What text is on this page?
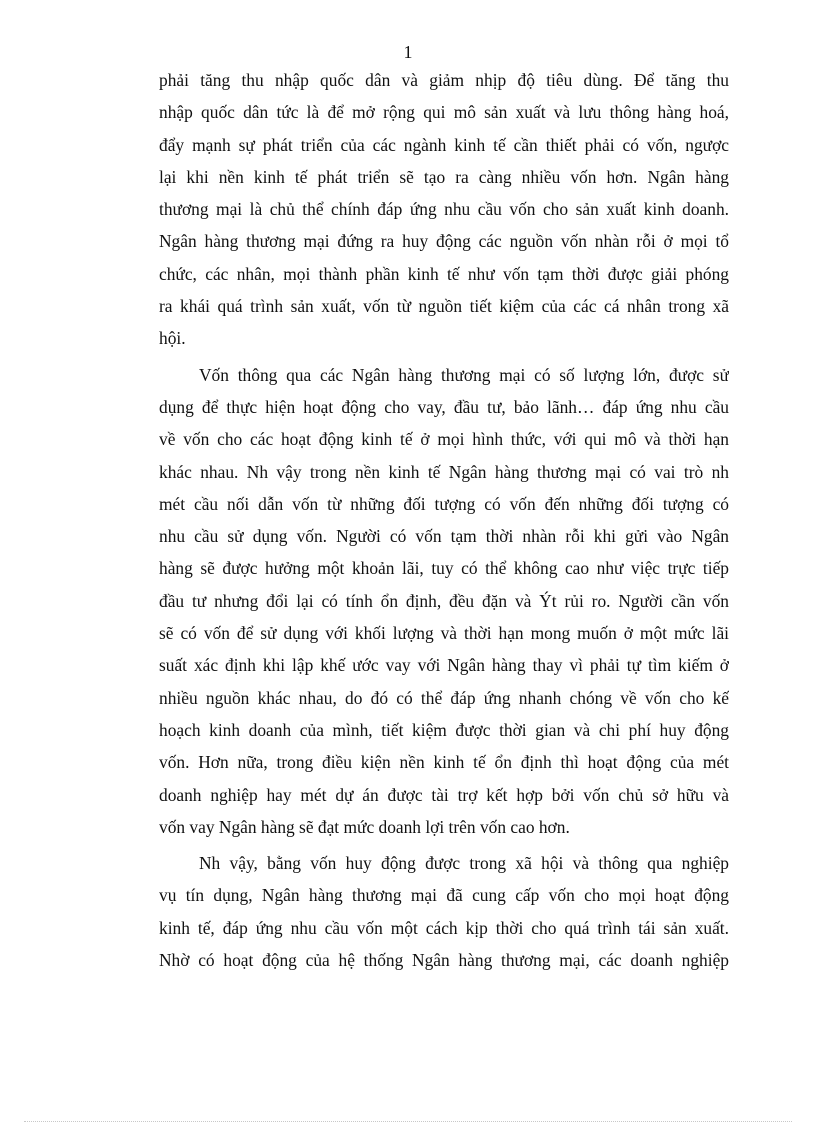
1
phải tăng thu nhập quốc dân và giảm nhịp độ tiêu dùng. Để tăng thu
nhập quốc dân tức là để mở rộng qui mô sản xuất và lưu thông hàng hoá,
đẩy mạnh sự phát triển của các ngành kinh tế cần thiết phải có vốn, ngược
lại khi nền kinh tế phát triển sẽ tạo ra càng nhiều vốn hơn. Ngân hàng
thương mại là chủ thể chính đáp ứng nhu cầu vốn cho sản xuất kinh doanh.
Ngân hàng thương mại đứng ra huy động các nguồn vốn nhàn rỗi ở mọi tổ
chức, các nhân, mọi thành phần kinh tế như vốn tạm thời được giải phóng
ra khái quá trình sản xuất, vốn từ nguồn tiết kiệm của các cá nhân trong xã
hội.
Vốn thông qua các Ngân hàng thương mại có số lượng lớn, được sử
dụng để thực hiện hoạt động cho vay, đầu tư, bảo lãnh… đáp ứng nhu cầu
về vốn cho các hoạt động kinh tế ở mọi hình thức, với qui mô và thời hạn
khác nhau. Nh vậy trong nền kinh tế Ngân hàng thương mại có vai trò nh
mét cầu nối dẫn vốn từ những đối tượng có vốn đến những đối tượng có
nhu cầu sử dụng vốn. Người có vốn tạm thời nhàn rỗi khi gửi vào Ngân
hàng sẽ được hưởng một khoản lãi, tuy có thể không cao như việc trực tiếp
đầu tư nhưng đổi lại có tính ổn định, đều đặn và Ýt rủi ro. Người cần vốn
sẽ có vốn để sử dụng với khối lượng và thời hạn mong muốn ở một mức lãi
suất xác định khi lập khế ước vay với Ngân hàng thay vì phải tự tìm kiếm ở
nhiều nguồn khác nhau, do đó có thể đáp ứng nhanh chóng về vốn cho kế
hoạch kinh doanh của mình, tiết kiệm được thời gian và chi phí huy động
vốn. Hơn nữa, trong điều kiện nền kinh tế ổn định thì hoạt động của mét
doanh nghiệp hay mét dự án được tài trợ kết hợp bởi vốn chủ sở hữu và
vốn vay Ngân hàng sẽ đạt mức doanh lợi trên vốn cao hơn.
Nh vậy, bằng vốn huy động được trong xã hội và thông qua nghiệp
vụ tín dụng, Ngân hàng thương mại đã cung cấp vốn cho mọi hoạt động
kinh tế, đáp ứng nhu cầu vốn một cách kịp thời cho quá trình tái sản xuất.
Nhờ có hoạt động của hệ thống Ngân hàng thương mại, các doanh nghiệp
